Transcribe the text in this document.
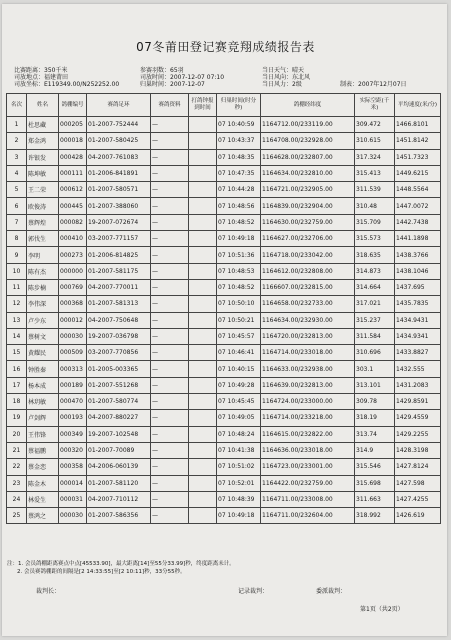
07冬莆田登记赛竞翔成绩报告表
比赛距离：350千米
司放地点：福建莆田
司放坐标：E119349.00/N252252.00
参赛羽数：65羽
司放时间：2007-12-07 07:10
归巢时间：2007-12-07
当日天气：晴天
当日风向：东北风
当日风力：2级	制表：2007年12月07日
名次	姓名	鸽棚编号	赛鸽足环	赛鸽资料	打鸽钟报到时间	归巢时间(时分秒)	鸽棚经纬度	实际空距(千米)	平均速度(米/分)
1	杜思藏	000205	01-2007-752444	—		07 10:40:59	1164712.00/233119.00	309.472	1466.8101
2	郑金鸿	000018	01-2007-580425	—		07 10:43:37	1164708.00/232928.00	310.615	1451.8142
3	许银发	000428	04-2007-761083	—		07 10:48:35	1164628.00/232807.00	317.324	1451.7323
4	陈坤敏	000111	01-2006-841891	—		07 10:47:35	1164634.00/232810.00	315.413	1449.6215
5	王二荣	000612	01-2007-580571	—		07 10:44:28	1164721.00/232905.00	311.539	1448.5564
6	欧俊涛	000445	01-2007-388060	—		07 10:48:56	1164839.00/232904.00	310.48	1447.0072
7	蔡辉煌	000082	19-2007-072674	—		07 10:48:52	1164630.00/232759.00	315.709	1442.7438
8	郭伐生	000410	03-2007-771157	—		07 10:49:18	1164627.00/232706.00	315.573	1441.1898
9	李明	000273	01-2006-814825	—		07 10:51:36	1164718.00/233042.00	318.635	1438.3766
10	陈有杰	000000	01-2007-581175	—		07 10:48:53	1164612.00/232808.00	314.873	1438.1046
11	陈步楠	000769	04-2007-770011	—		07 10:48:52	1166607.00/232815.00	314.664	1437.695
12	李伟深	000368	01-2007-581313	—		07 10:50:10	1164658.00/232733.00	317.021	1435.7835
13	卢少东	000012	04-2007-750648	—		07 10:50:21	1164634.00/232930.00	315.237	1434.9431
14	蔡树文	000030	19-2007-036798	—		07 10:45:57	1164720.00/232813.00	311.584	1434.9341
15	黄耀民	000509	03-2007-770856	—		07 10:46:41	1164714.00/233018.00	310.696	1433.8827
16	钟胜秦	000313	01-2005-003365	—		07 10:40:15	1164633.00/232938.00	303.1	1432.555
17	杨本成	000189	01-2007-551268	—		07 10:49:28	1164639.00/232813.00	313.101	1431.2083
18	林玥敏	000470	01-2007-580774	—		07 10:45:45	1164724.00/233000.00	309.78	1429.8591
19	卢剑辉	000193	04-2007-880227	—		07 10:49:05	1164714.00/233218.00	318.19	1429.4559
20	王伟锋	000349	19-2007-102548	—		07 10:48:24	1164615.00/232822.00	313.74	1429.2255
21	蔡福鹏	000320	01-2007-70089	—		07 10:41:38	1164636.00/233018.00	314.9	1428.3198
22	蔡金恋	000358	04-2006-060139	—		07 10:51:02	1164723.00/233001.00	315.546	1427.8124
23	陈金木	000014	01-2007-581120	—		07 10:52:01	1164422.00/232759.00	315.698	1427.598
24	林爱生	000031	04-2007-710112	—		07 10:48:39	1164711.00/233008.00	311.663	1427.4255
25	蔡鸿之	000030	01-2007-586356	—		07 10:49:18	1164711.00/232604.00	318.992	1426.619
注：1. 会员鸽棚距离赛点中点[45533.90]，最大距离[14]至55分33.99]秒，终度距离未计。
2. 会员赛鸽棚距的间隔是[2 14:33:55]至[2 10:11]秒，33分55秒。
裁判长：	记录裁判：	委派裁判：
第1页（共2页）
